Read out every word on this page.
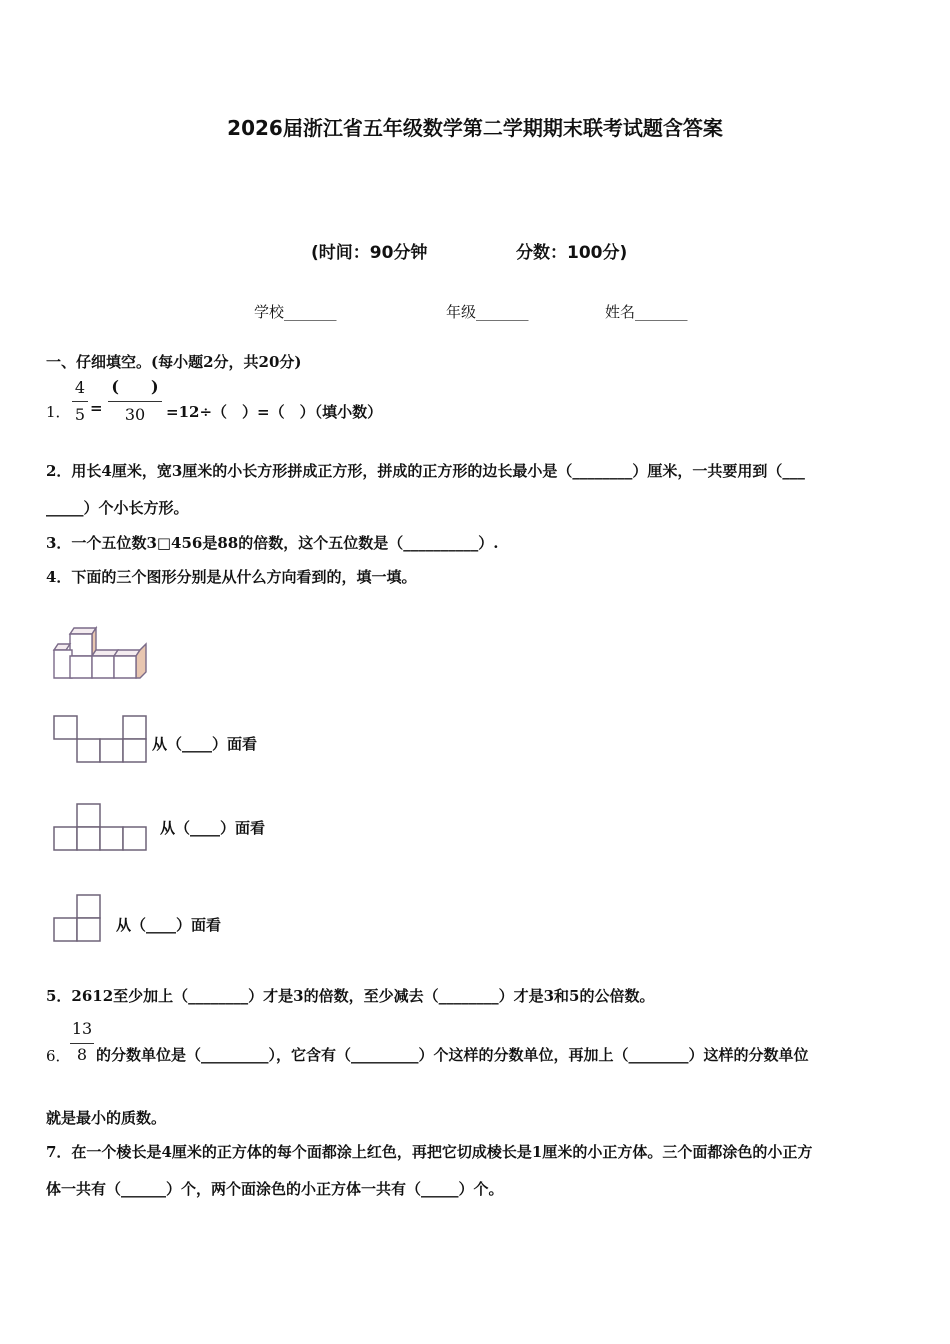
2026届浙江省五年级数学第二学期期末联考试题含答案
(时间：90分钟	分数：100分)
学校_______	年级_______	姓名_______
一、仔细填空。(每小题2分，共20分)
1．
4
5 =
(　　)
30	=12÷（　）=（　）（填小数）
2．用长4厘米，宽3厘米的小长方形拼成正方形，拼成的正方形的边长最小是（________）厘米，一共要用到（___
_____）个小长方形。
3．一个五位数3□456是88的倍数，这个五位数是（__________）.
4．下面的三个图形分别是从什么方向看到的，填一填。
从（____）面看
从（____）面看
从（____）面看
5．2612至少加上（________）才是3的倍数，至少减去（________）才是3和5的公倍数。
6．
13
8 的分数单位是（_________），它含有（_________）个这样的分数单位，再加上（________）这样的分数单位
就是最小的质数。
7．在一个棱长是4厘米的正方体的每个面都涂上红色，再把它切成棱长是1厘米的小正方体。三个面都涂色的小正方
体一共有（______）个，两个面涂色的小正方体一共有（_____）个。
